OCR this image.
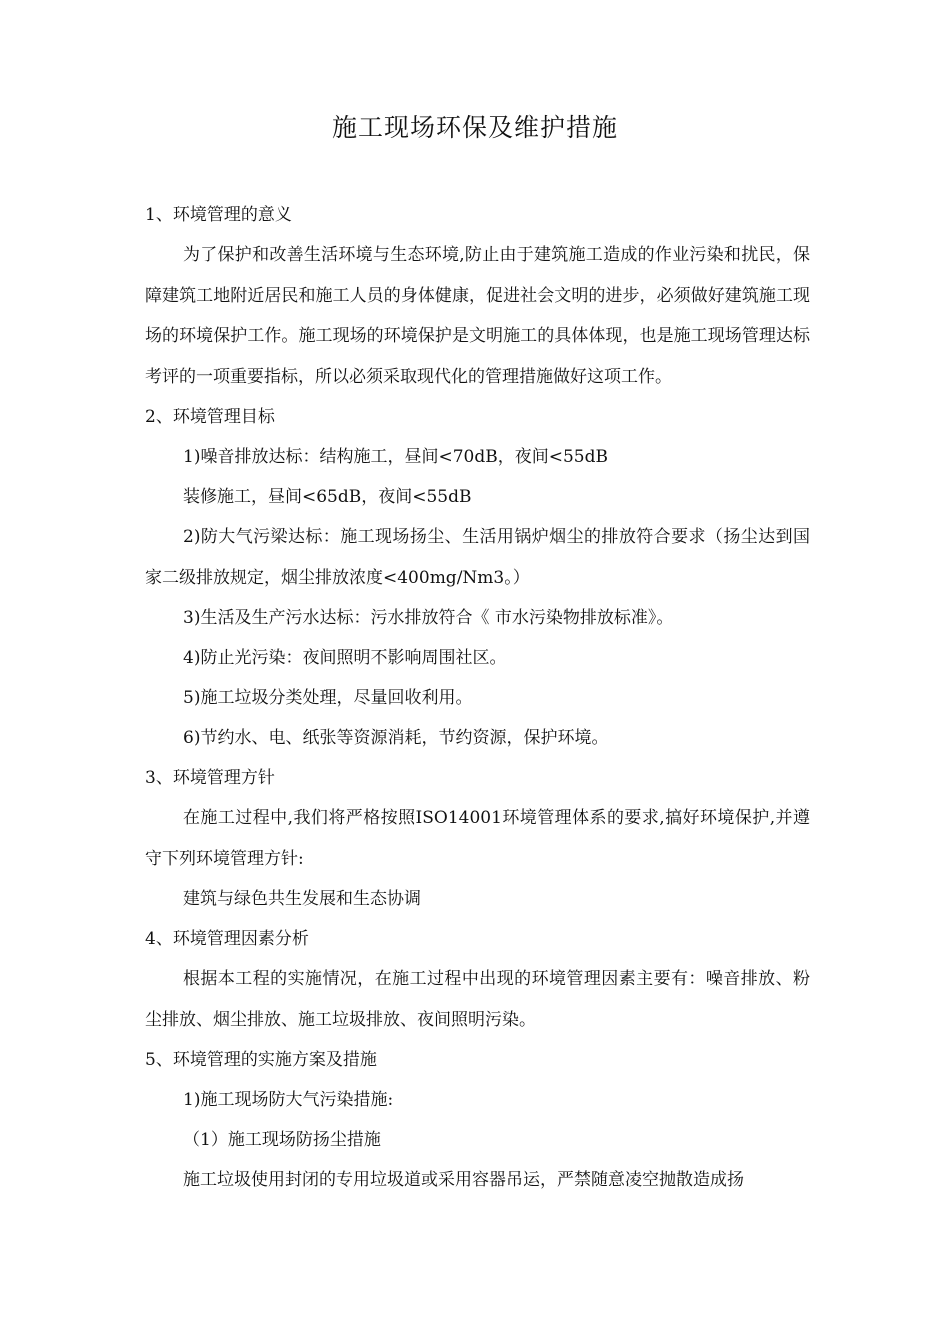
施工现场环保及维护措施

1、环境管理的意义

为了保护和改善生活环境与生态环境,防止由于建筑施工造成的作业污染和扰民，保障建筑工地附近居民和施工人员的身体健康，促进社会文明的进步，必须做好建筑施工现场的环境保护工作。施工现场的环境保护是文明施工的具体体现，也是施工现场管理达标考评的一项重要指标，所以必须采取现代化的管理措施做好这项工作。

2、环境管理目标

1)噪音排放达标：结构施工，昼间<70dB，夜间<55dB

装修施工，昼间<65dB，夜间<55dB

2)防大气污梁达标：施工现场扬尘、生活用锅炉烟尘的排放符合要求（扬尘达到国家二级排放规定，烟尘排放浓度<400mg/Nm3。）

3)生活及生产污水达标：污水排放符合《 市水污染物排放标准》。

4)防止光污染：夜间照明不影响周围社区。

5)施工垃圾分类处理，尽量回收利用。

6)节约水、电、纸张等资源消耗，节约资源，保护环境。

3、环境管理方针

在施工过程中,我们将严格按照ISO14001环境管理体系的要求,搞好环境保护,并遵守下列环境管理方针:

建筑与绿色共生发展和生态协调

4、环境管理因素分析

根据本工程的实施情况，在施工过程中出现的环境管理因素主要有：噪音排放、粉尘排放、烟尘排放、施工垃圾排放、夜间照明污染。

5、环境管理的实施方案及措施

1)施工现场防大气污染措施:

（1）施工现场防扬尘措施

施工垃圾使用封闭的专用垃圾道或采用容器吊运，严禁随意凌空抛散造成扬
